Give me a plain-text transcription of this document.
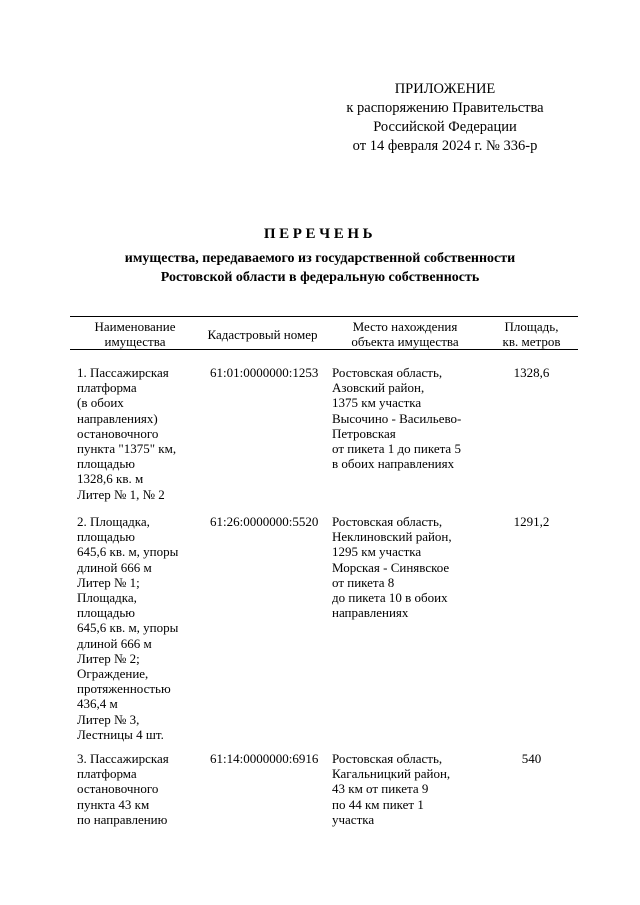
ПРИЛОЖЕНИЕ
к распоряжению Правительства
Российской Федерации
от 14 февраля 2024 г. № 336-р
ПЕРЕЧЕНЬ
имущества, передаваемого из государственной собственности
Ростовской области в федеральную собственность
Наименование
имущества	Кадастровый номер
Место нахождения
объекта имущества
Площадь,
кв. метров
1. Пассажирская
платформа
(в обоих
направлениях)
остановочного
пункта "1375" км,
площадью
1328,6 кв. м
Литер № 1, № 2
61:01:0000000:1253 Ростовская область,
Азовский район,
1375 км участка
Высочино - Васильево-
Петровская
от пикета 1 до пикета 5
в обоих направлениях
1328,6
2. Площадка,
площадью
645,6 кв. м, упоры
длиной 666 м
Литер № 1;
Площадка,
площадью
645,6 кв. м, упоры
длиной 666 м
Литер № 2;
Ограждение,
протяженностью
436,4 м
Литер № 3,
Лестницы 4 шт.
61:26:0000000:5520 Ростовская область,
Неклиновский район,
1295 км участка
Морская - Синявское
от пикета 8
до пикета 10 в обоих
направлениях
1291,2
3. Пассажирская
платформа
остановочного
пункта 43 км
по направлению
61:14:0000000:6916 Ростовская область,
Кагальницкий район,
43 км от пикета 9
по 44 км пикет 1
участка
540
